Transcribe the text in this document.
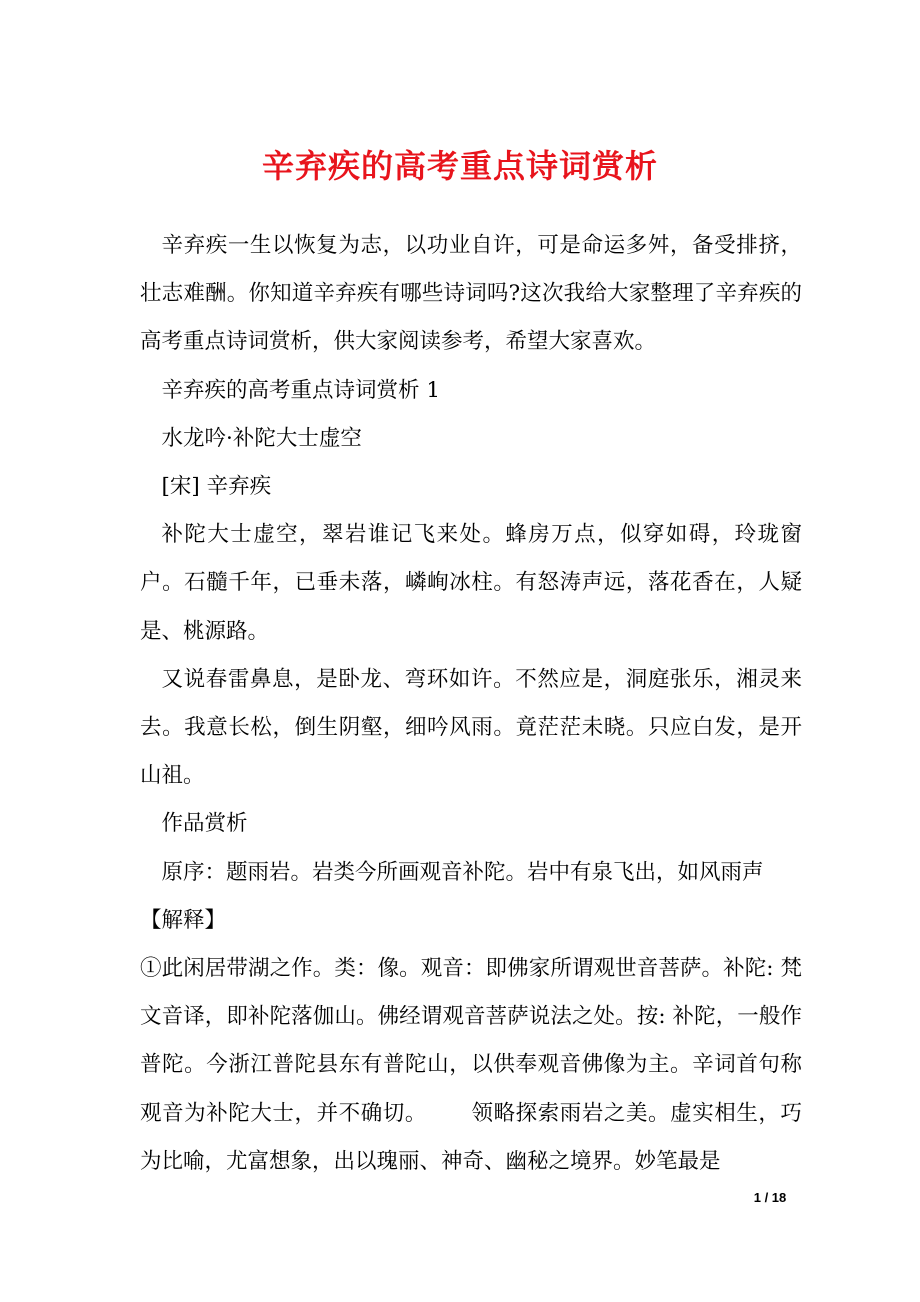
辛弃疾的高考重点诗词赏析

辛弃疾一生以恢复为志，以功业自许，可是命运多舛，备受排挤，壮志难酬。你知道辛弃疾有哪些诗词吗?这次我给大家整理了辛弃疾的高考重点诗词赏析，供大家阅读参考，希望大家喜欢。

辛弃疾的高考重点诗词赏析 1

水龙吟·补陀大士虚空

[宋] 辛弃疾

补陀大士虚空，翠岩谁记飞来处。蜂房万点，似穿如碍，玲珑窗户。石髓千年，已垂未落，嶙峋冰柱。有怒涛声远，落花香在，人疑是、桃源路。

又说春雷鼻息，是卧龙、弯环如许。不然应是，洞庭张乐，湘灵来去。我意长松，倒生阴壑，细吟风雨。竟茫茫未晓。只应白发，是开山祖。

作品赏析

原序：题雨岩。岩类今所画观音补陀。岩中有泉飞出，如风雨声

【解释】

①此闲居带湖之作。类：像。观音：即佛家所谓观世音菩萨。补陀: 梵文音译，即补陀落伽山。佛经谓观音菩萨说法之处。按: 补陀，一般作普陀。今浙江普陀县东有普陀山，以供奉观音佛像为主。辛词首句称观音为补陀大士，并不确切。 领略探索雨岩之美。虚实相生，巧为比喻，尤富想象，出以瑰丽、神奇、幽秘之境界。妙笔最是

1 / 18
